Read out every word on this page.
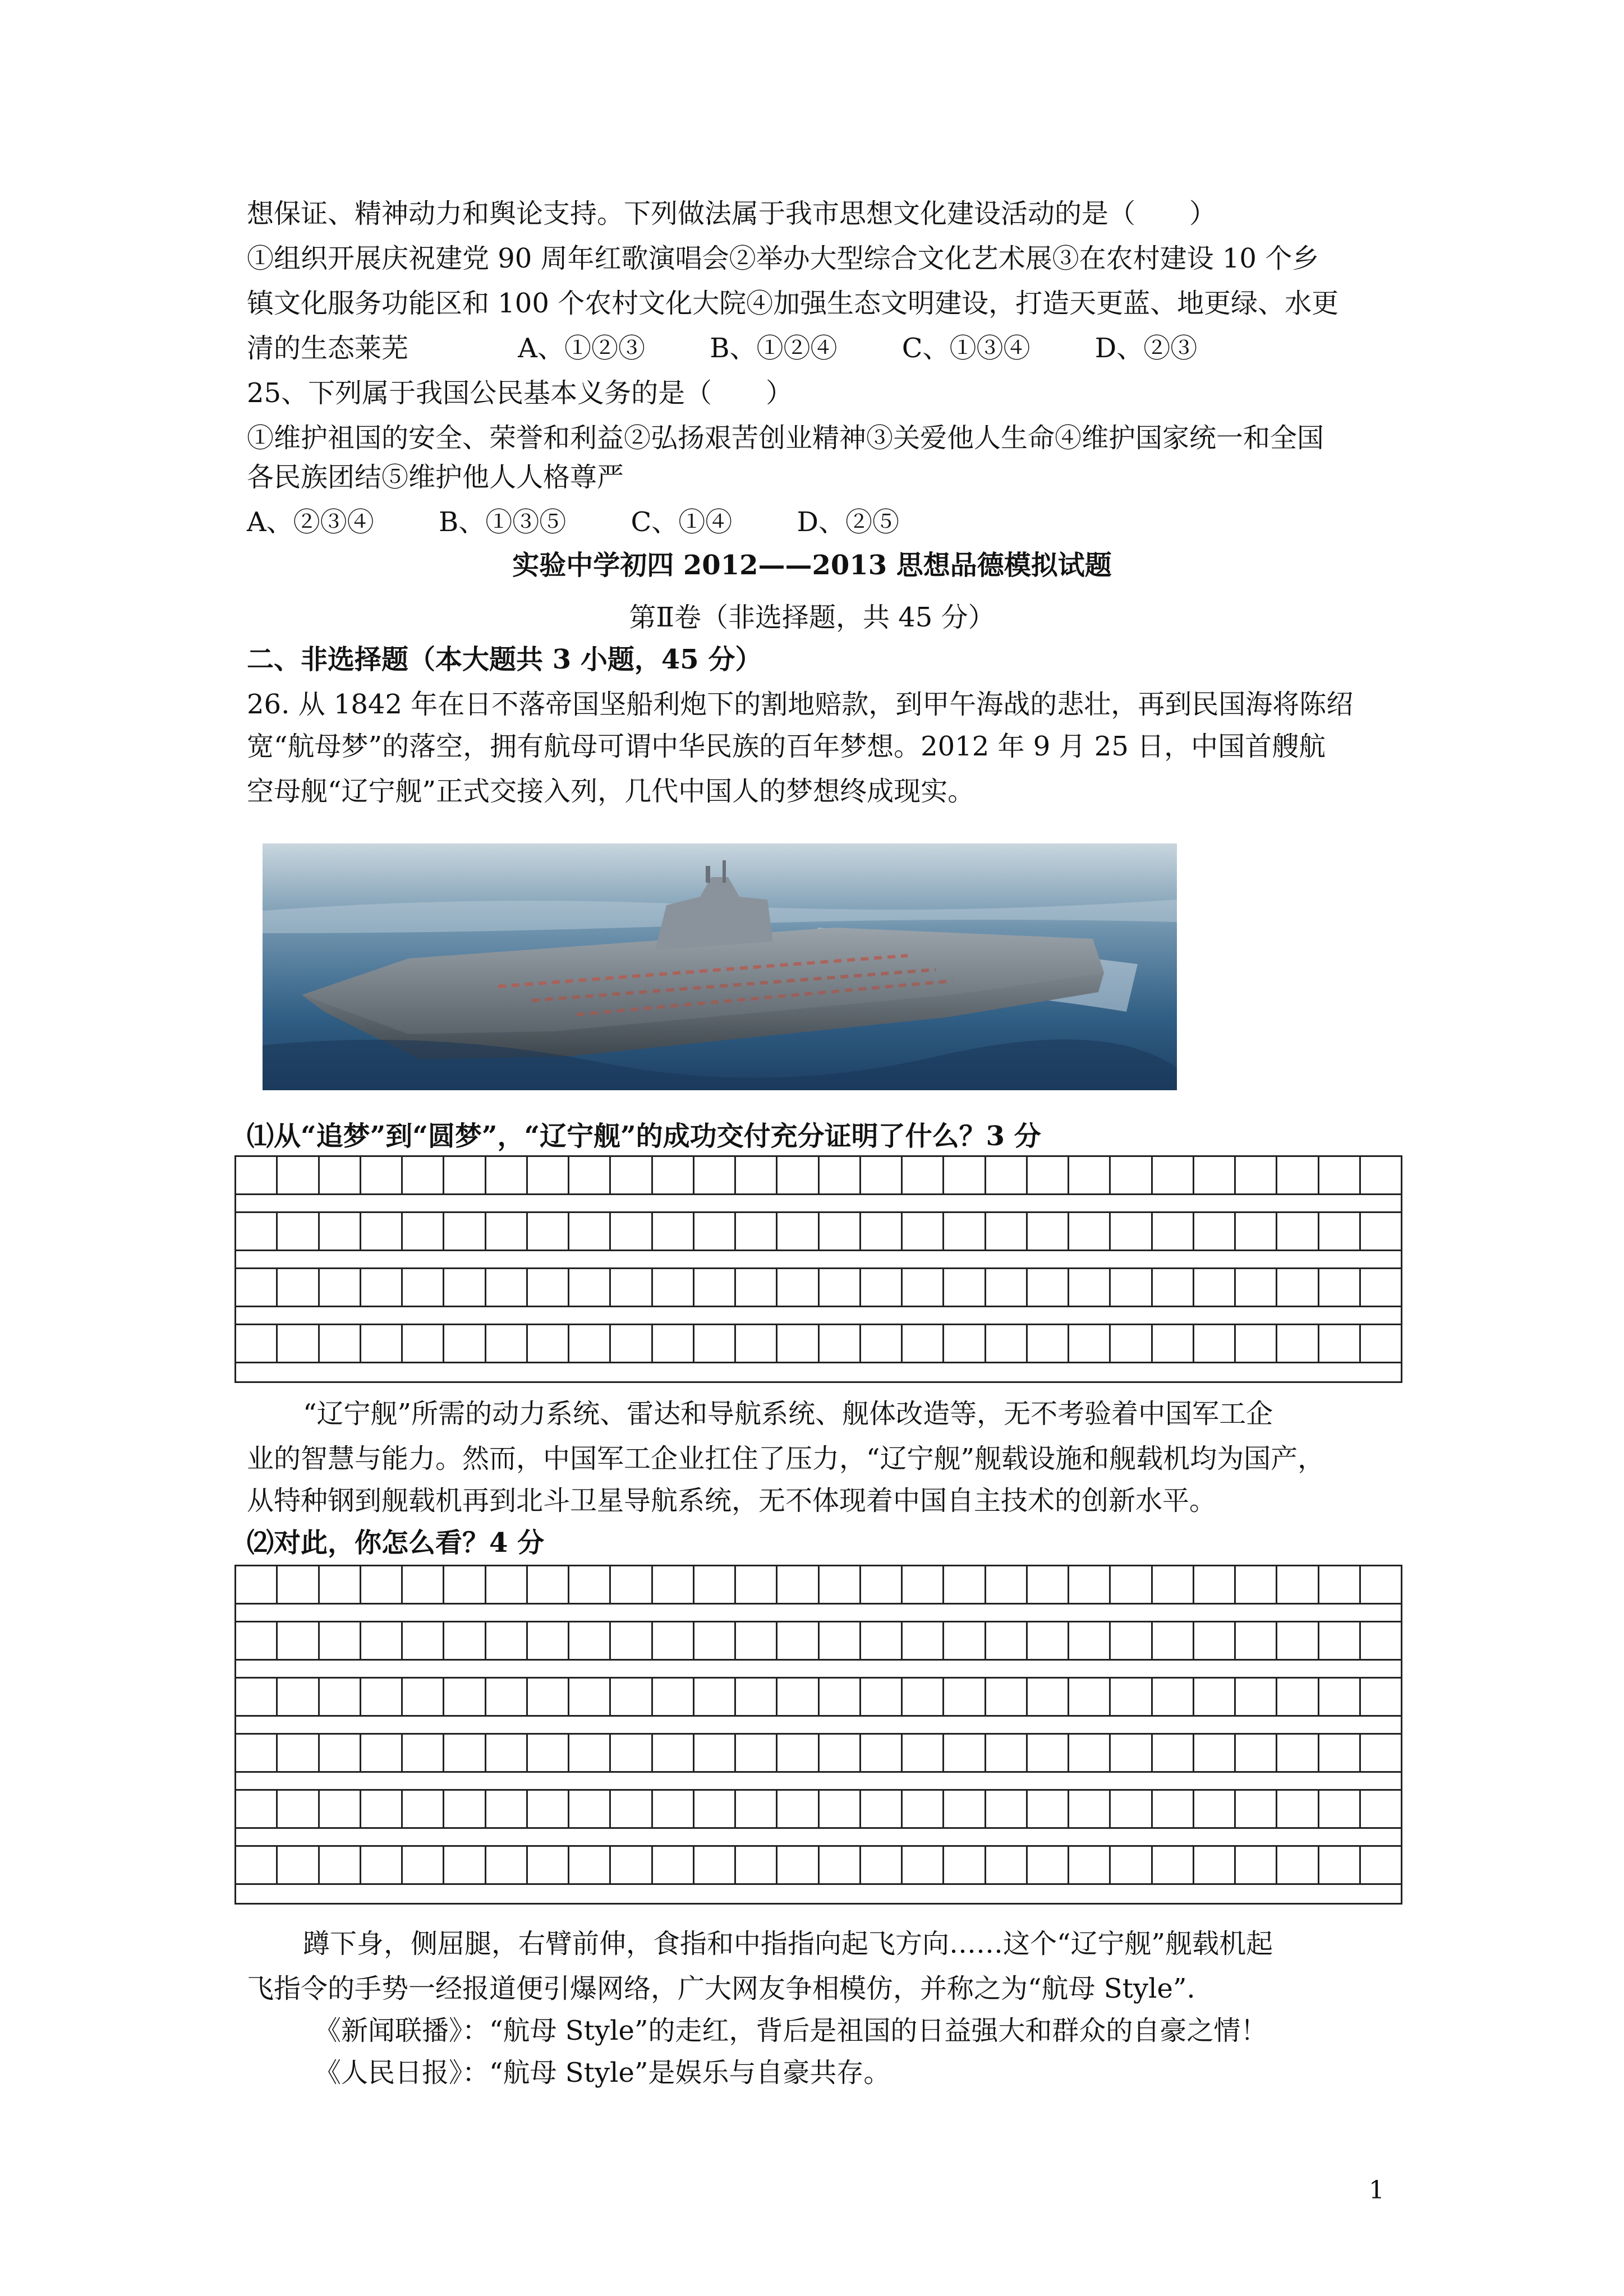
想保证、精神动力和舆论支持。下列做法属于我市思想文化建设活动的是（　　）
①组织开展庆祝建党 90 周年红歌演唱会②举办大型综合文化艺术展③在农村建设 10 个乡
镇文化服务功能区和 100 个农村文化大院④加强生态文明建设，打造天更蓝、地更绿、水更
清的生态莱芜	A、①②③ B、①②④ C、①③④ D、②③
25、下列属于我国公民基本义务的是（　　）
①维护祖国的安全、荣誉和利益②弘扬艰苦创业精神③关爱他人生命④维护国家统一和全国
各民族团结⑤维护他人人格尊严
A、②③④ B、①③⑤ C、①④ D、②⑤
实验中学初四 2012——2013 思想品德模拟试题
第Ⅱ卷（非选择题，共 45 分）
二、非选择题（本大题共 3 小题，45 分）
26. 从 1842 年在日不落帝国坚船利炮下的割地赔款，到甲午海战的悲壮，再到民国海将陈绍
宽“航母梦”的落空，拥有航母可谓中华民族的百年梦想。2012 年 9 月 25 日，中国首艘航
空母舰“辽宁舰”正式交接入列，几代中国人的梦想终成现实。
⑴从“追梦”到“圆梦”，“辽宁舰”的成功交付充分证明了什么？3 分
“辽宁舰”所需的动力系统、雷达和导航系统、舰体改造等，无不考验着中国军工企
业的智慧与能力。然而，中国军工企业扛住了压力，“辽宁舰”舰载设施和舰载机均为国产，
从特种钢到舰载机再到北斗卫星导航系统，无不体现着中国自主技术的创新水平。
⑵对此，你怎么看？4 分
蹲下身，侧屈腿，右臂前伸，食指和中指指向起飞方向……这个“辽宁舰”舰载机起
飞指令的手势一经报道便引爆网络，广大网友争相模仿，并称之为“航母 Style”.
《新闻联播》：“航母 Style”的走红，背后是祖国的日益强大和群众的自豪之情！
《人民日报》：“航母 Style”是娱乐与自豪共存。
1
